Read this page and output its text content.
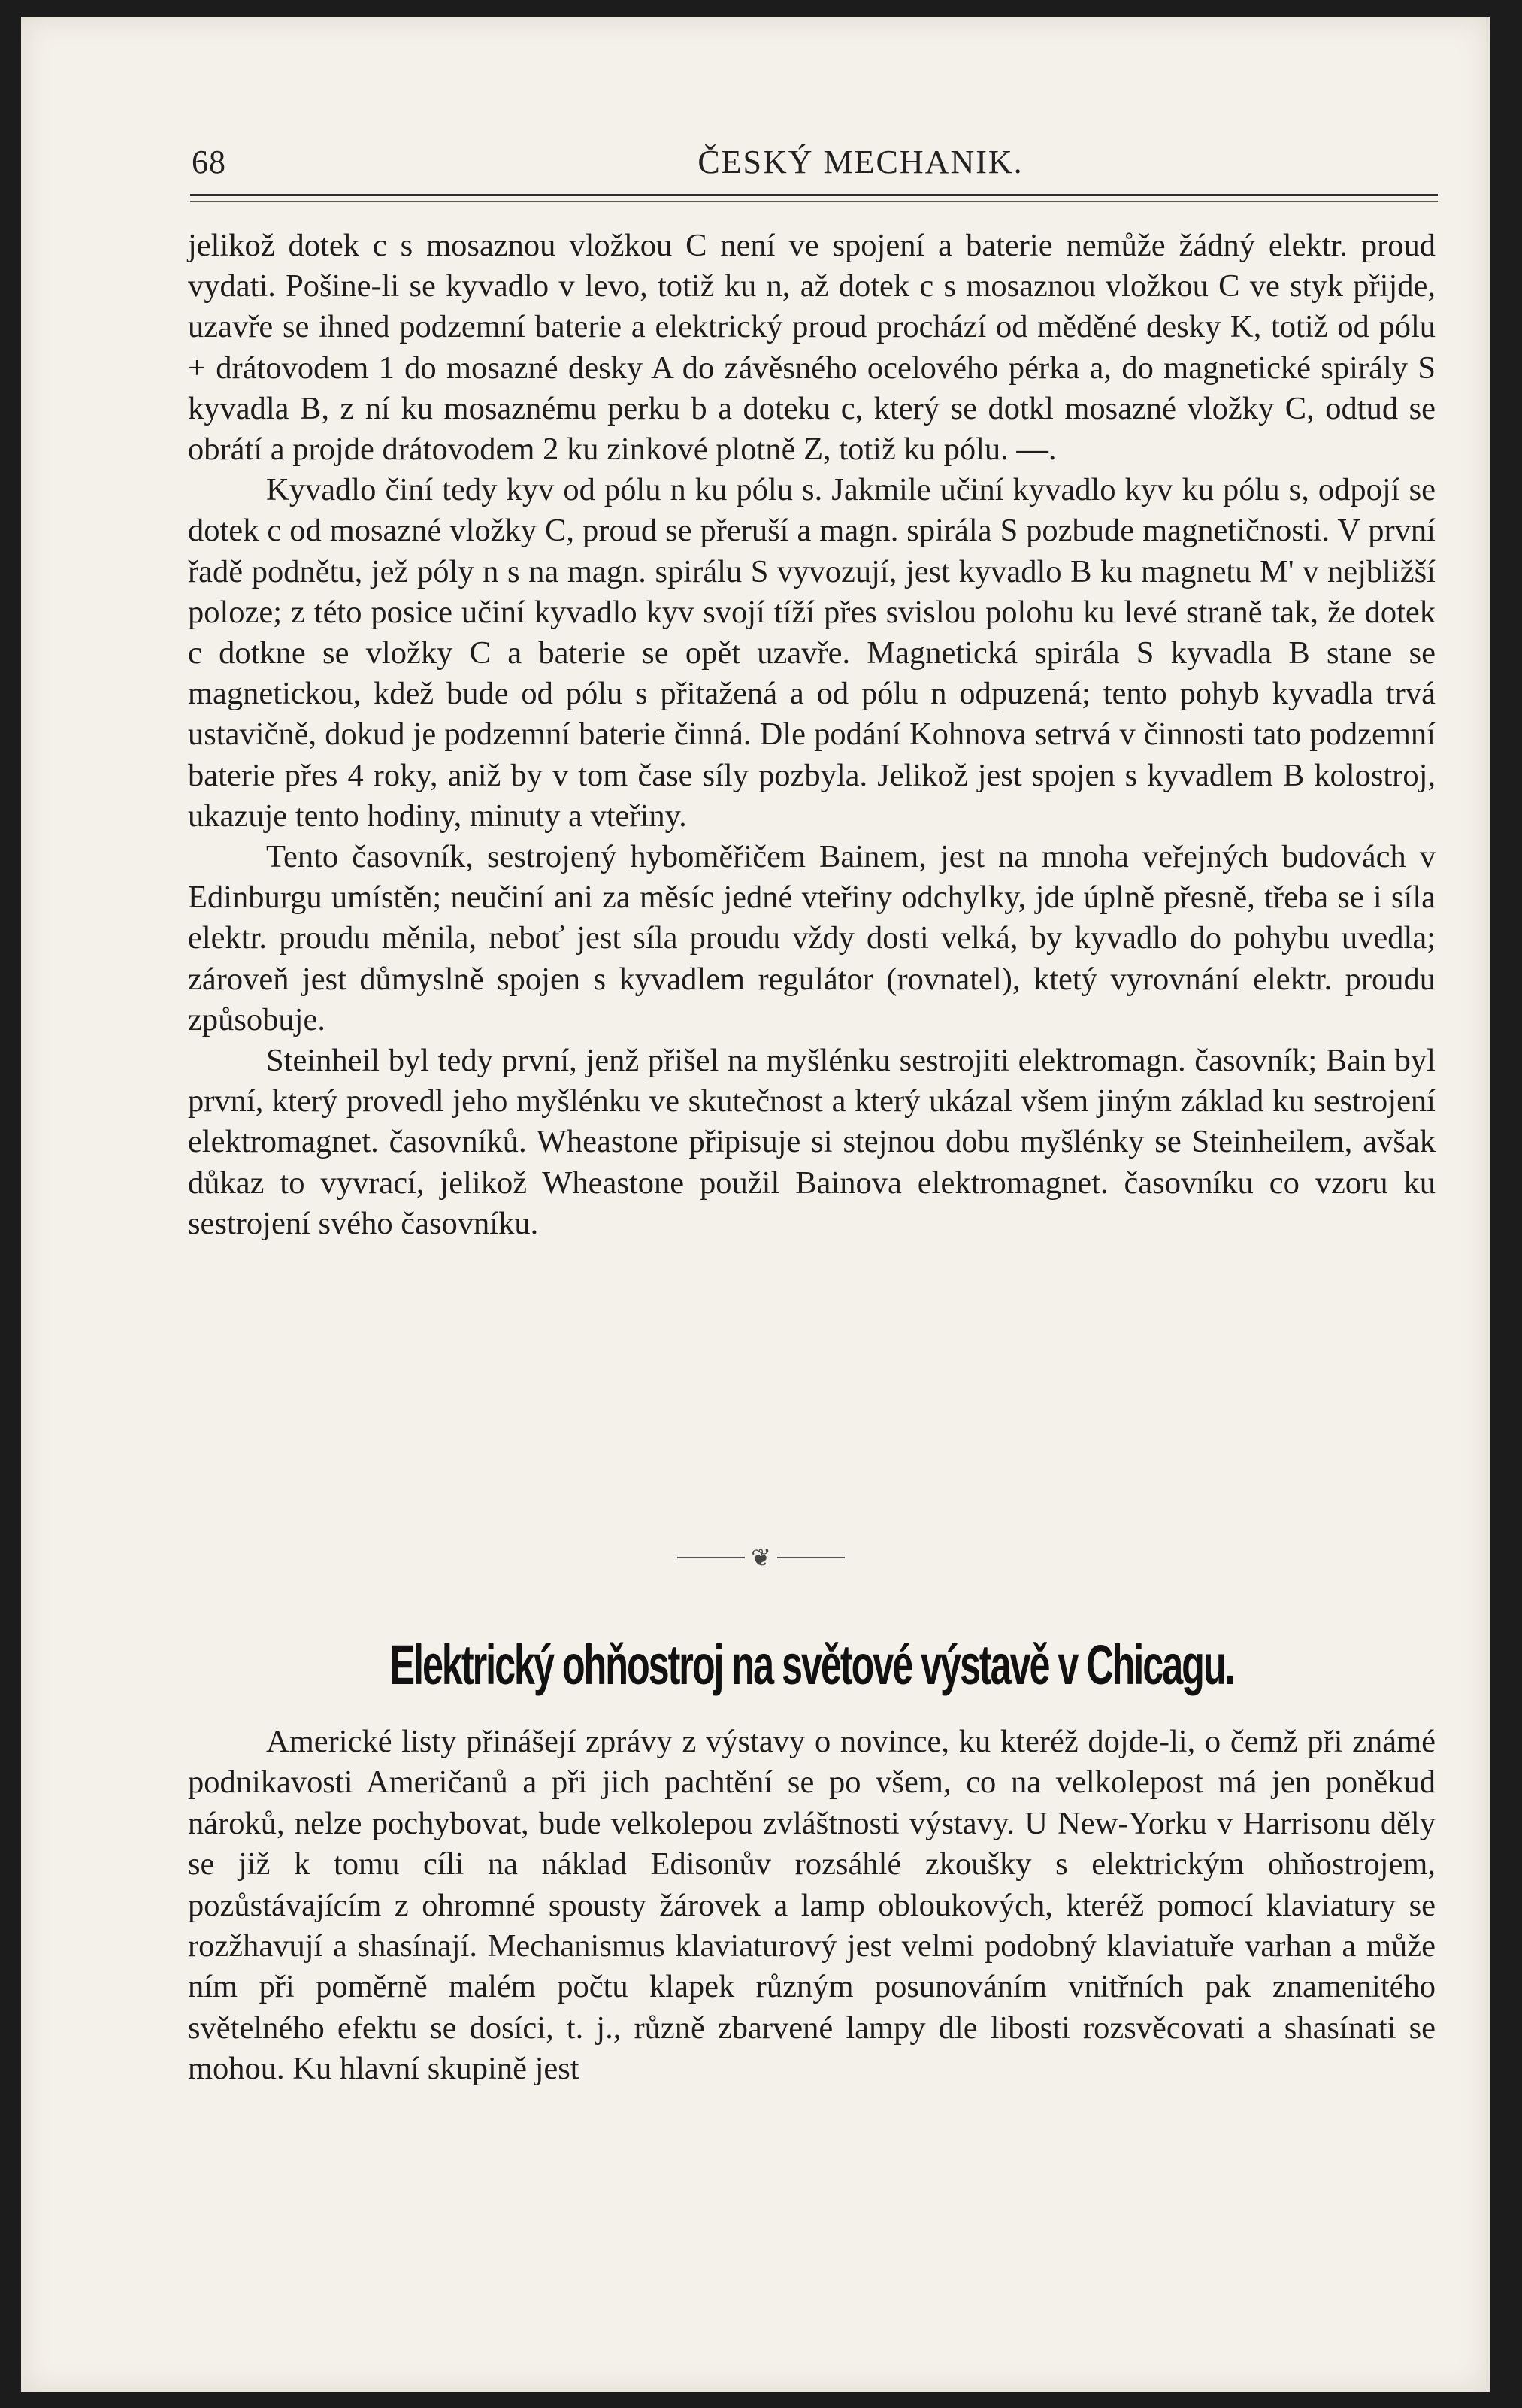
68	ČESKÝ MECHANIK.

jelikož dotek c s mosaznou vložkou C není ve spojení a baterie nemůže žádný elektr. proud vydati. Pošine-li se kyvadlo v levo, totiž ku n, až dotek c s mosaznou vložkou C ve styk přijde, uzavře se ihned podzemní baterie a elektrický proud prochází od měděné desky K, totiž od pólu + drátovodem 1 do mosazné desky A do závěsného ocelového pérka a, do magnetické spirály S kyvadla B, z ní ku mosaznému perku b a doteku c, který se dotkl mosazné vložky C, odtud se obrátí a projde drátovodem 2 ku zinkové plotně Z, totiž ku pólu. —.

Kyvadlo činí tedy kyv od pólu n ku pólu s. Jakmile učiní kyvadlo kyv ku pólu s, odpojí se dotek c od mosazné vložky C, proud se přeruší a magn. spirála S pozbude magnetičnosti. V první řadě podnětu, jež póly n s na magn. spirálu S vyvozují, jest kyvadlo B ku magnetu M' v nejbližší poloze; z této posice učiní kyvadlo kyv svojí tíží přes svislou polohu ku levé straně tak, že dotek c dotkne se vložky C a baterie se opět uzavře. Magnetická spirála S kyvadla B stane se magnetickou, kdež bude od pólu s přitažená a od pólu n odpuzená; tento pohyb kyvadla trvá ustavičně, dokud je podzemní baterie činná. Dle podání Kohnova setrvá v činnosti tato podzemní baterie přes 4 roky, aniž by v tom čase síly pozbyla. Jelikož jest spojen s kyvadlem B kolostroj, ukazuje tento hodiny, minuty a vteřiny.

Tento časovník, sestrojený hyboměřičem Bainem, jest na mnoha veřejných budovách v Edinburgu umístěn; neučiní ani za měsíc jedné vteřiny odchylky, jde úplně přesně, třeba se i síla elektr. proudu měnila, neboť jest síla proudu vždy dosti velká, by kyvadlo do pohybu uvedla; zároveň jest důmyslně spojen s kyvadlem regulátor (rovnatel), ktetý vyrovnání elektr. proudu způsobuje.

Steinheil byl tedy první, jenž přišel na myšlénku sestrojiti elektromagn. časovník; Bain byl první, který provedl jeho myšlénku ve skutečnost a který ukázal všem jiným základ ku sestrojení elektromagnet. časovníků. Wheastone připisuje si stejnou dobu myšlénky se Steinheilem, avšak důkaz to vyvrací, jelikož Wheastone použil Bainova elektromagnet. časovníku co vzoru ku sestrojení svého časovníku.

❦
Elektrický ohňostroj na světové výstavě v Chicagu.

Americké listy přinášejí zprávy z výstavy o novince, ku kteréž dojde-li, o čemž při známé podnikavosti Američanů a při jich pachtění se po všem, co na velkolepost má jen poněkud nároků, nelze pochybovat, bude velkolepou zvláštnosti výstavy. U New-Yorku v Harrisonu děly se již k tomu cíli na náklad Edisonův rozsáhlé zkoušky s elektrickým ohňostrojem, pozůstávajícím z ohromné spousty žárovek a lamp obloukových, kteréž pomocí klaviatury se rozžhavují a shasínají. Mechanismus klaviaturový jest velmi podobný klaviatuře varhan a může ním při poměrně malém počtu klapek různým posunováním vnitřních pak znamenitého světelného efektu se dosíci, t. j., různě zbarvené lampy dle libosti rozsvěcovati a shasínati se mohou. Ku hlavní skupině jest
